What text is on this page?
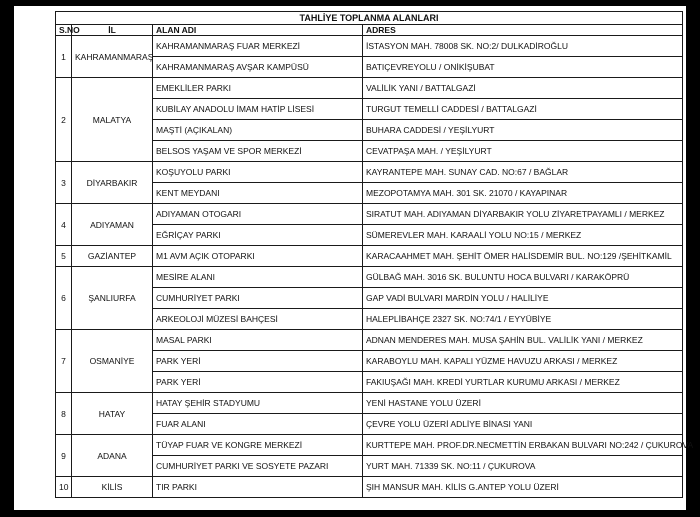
TAHLİYE TOPLANMA ALANLARI			
S.NO	İL	ALAN ADI	ADRES
1	KAHRAMANMARAŞ	KAHRAMANMARAŞ FUAR MERKEZİ	İSTASYON MAH. 78008 SK. NO:2/ DULKADİROĞLU
		KAHRAMANMARAŞ AVŞAR KAMPÜSÜ	BATIÇEVREYOLU / ONİKİŞUBAT
2	MALATYA	EMEKLİLER PARKI	VALİLİK YANI / BATTALGAZİ
		KUBİLAY ANADOLU İMAM HATİP LİSESİ	TURGUT TEMELLİ CADDESİ / BATTALGAZİ
		MAŞTİ (AÇIKALAN)	BUHARA CADDESİ / YEŞİLYURT
		BELSOS YAŞAM VE SPOR MERKEZİ	CEVATPAŞA MAH. / YEŞİLYURT
3	DİYARBAKIR	KOŞUYOLU PARKI	KAYRANTEPE MAH. SUNAY CAD. NO:67 / BAĞLAR
		KENT MEYDANI	MEZOPOTAMYA MAH. 301 SK. 21070 / KAYAPINAR
4	ADIYAMAN	ADIYAMAN OTOGARI	SIRATUT MAH. ADIYAMAN DİYARBAKIR YOLU ZİYARETPAYAMLI / MERKEZ
		EĞRİÇAY PARKI	SÜMEREVLER MAH. KARAALİ YOLU NO:15 / MERKEZ
5	GAZİANTEP	M1 AVM AÇIK OTOPARKI	KARACAAHMET MAH. ŞEHİT ÖMER HALİSDEMİR BUL. NO:129 /ŞEHİTKAMİL
6	ŞANLIURFA	MESİRE ALANI	GÜLBAĞ MAH. 3016 SK. BULUNTU HOCA BULVARI / KARAKÖPRÜ
		CUMHURİYET PARKI	GAP VADİ BULVARI MARDİN YOLU / HALİLİYE
		ARKEOLOJİ MÜZESİ BAHÇESİ	HALEPLİBAHÇE 2327 SK. NO:74/1 / EYYÜBİYE
7	OSMANİYE	MASAL PARKI	ADNAN MENDERES MAH. MUSA ŞAHİN BUL. VALİLİK YANI / MERKEZ
		PARK YERİ	KARABOYLU MAH. KAPALI YÜZME HAVUZU ARKASI / MERKEZ
		PARK YERİ	FAKIUŞAĞI MAH. KREDİ YURTLAR KURUMU ARKASI / MERKEZ
8	HATAY	HATAY ŞEHİR STADYUMU	YENİ HASTANE YOLU ÜZERİ
		FUAR ALANI	ÇEVRE YOLU ÜZERİ ADLİYE BİNASI YANI
9	ADANA	TÜYAP FUAR VE KONGRE MERKEZİ	KURTTEPE MAH. PROF.DR.NECMETTİN ERBAKAN BULVARI NO:242 / ÇUKUROVA
		CUMHURİYET PARKI VE SOSYETE PAZARI	YURT MAH. 71339 SK. NO:11 / ÇUKUROVA
10	KİLİS	TIR PARKI	ŞIH MANSUR MAH. KİLİS G.ANTEP YOLU ÜZERİ
